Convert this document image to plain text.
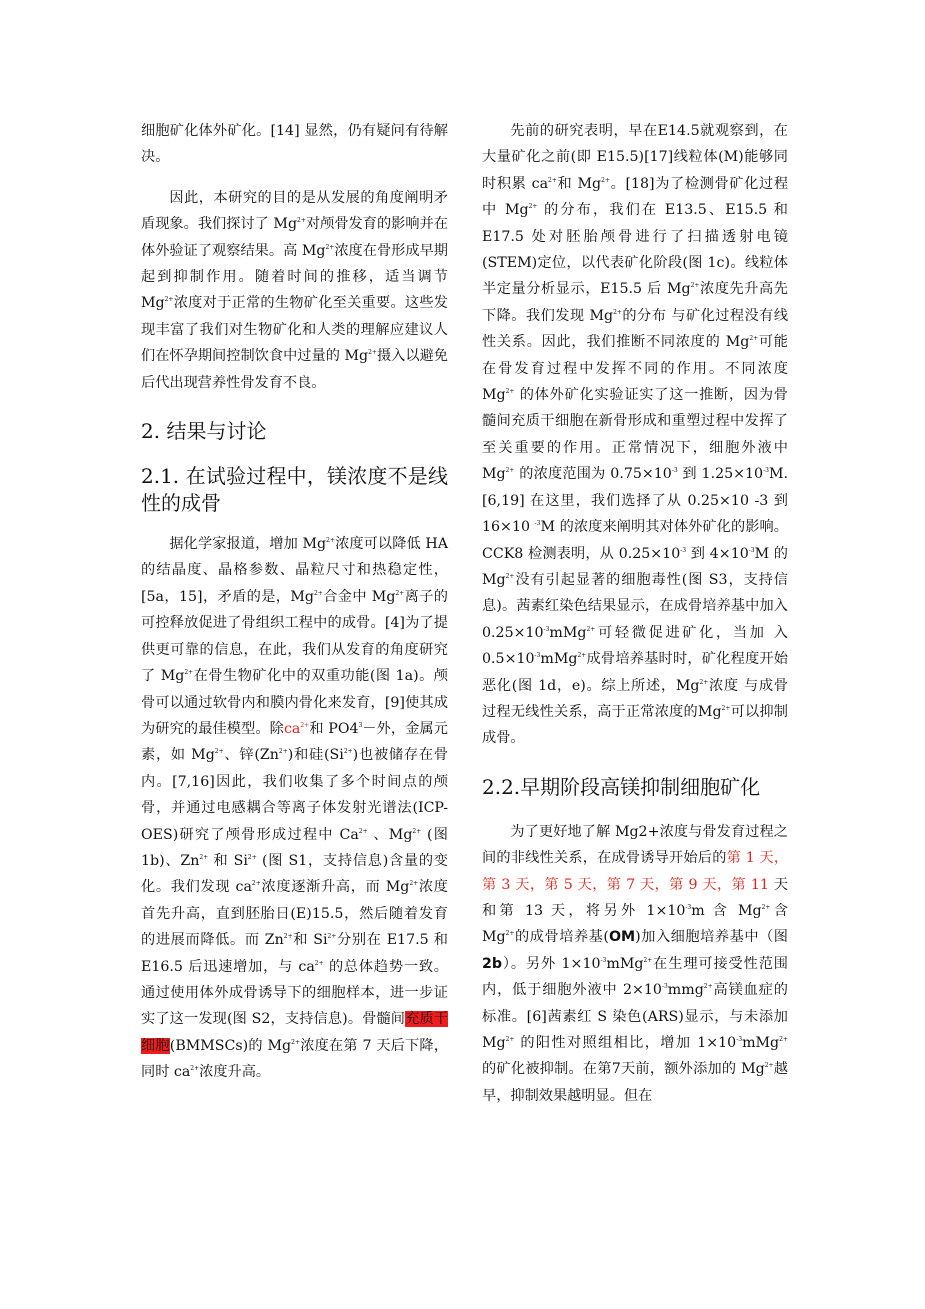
细胞矿化体外矿化。[14] 显然，仍有疑问有待解决。

因此，本研究的目的是从发展的角度阐明矛盾现象。我们探讨了 $Mg^{2+}$对颅骨发育的影响并在体外验证了观察结果。高 $Mg^{2+}$浓度在骨形成早期起到抑制作用。随着时间的推移，适当调节 $Mg^{2+}$浓度对于正常的生物矿化至关重要。这些发现丰富了我们对生物矿化和人类的理解应建议人们在怀孕期间控制饮食中过量的 $Mg^{2+}$摄入以避免后代出现营养性骨发育不良。

2. 结果与讨论
2.1. 在试验过程中，镁浓度不是线性的成骨

据化学家报道，增加 $Mg^{2+}$浓度可以降低 HA 的结晶度、晶格参数、晶粒尺寸和热稳定性，[5a，15]，矛盾的是，$Mg^{2+}$合金中 $Mg^{2+}$离子的可控释放促进了骨组织工程中的成骨。[4]为了提供更可靠的信息，在此，我们从发育的角度研究了 $Mg^{2+}$在骨生物矿化中的双重功能(图 1a)。颅骨可以通过软骨内和膜内骨化来发育，[9]使其成为研究的最佳模型。除$ca^{2+}$和 $PO4^3-$外，金属元素，如 $Mg^{2+}$、锌$(Zn^{2+})$和硅$(Si^{2+})$也被储存在骨内。[7,16]因此，我们收集了多个时间点的颅骨，并通过电感耦合等离子体发射光谱法(ICP-OES)研究了颅骨形成过程中 $Ca^{2+}$ 、$Mg^{2+}$ (图 1b)、$Zn^{2+}$ 和 $Si^{2+}$ (图 S1，支持信息)含量的变化。我们发现 $ca^{2+}$浓度逐渐升高，而 $Mg^{2+}$浓度首先升高，直到胚胎日(E)15.5，然后随着发育的进展而降低。而 $Zn^{2+}$和 $Si^{2+}$分别在 E17.5 和 E16.5 后迅速增加，与 $ca^{2+}$ 的总体趋势一致。通过使用体外成骨诱导下的细胞样本，进一步证实了这一发现(图 S2，支持信息)。骨髓间充质干细胞(BMMSCs)的 $Mg^{2+}$浓度在第 7 天后下降，同时 $ca^{2+}$浓度升高。

先前的研究表明，早在E14.5就观察到，在大量矿化之前(即 E15.5)[17]线粒体(M)能够同时积累 $ca^{2+}$和 $Mg^{2+}$。[18]为了检测骨矿化过程中 $Mg^{2+}$ 的分布，我们在 E13.5、E15.5 和 E17.5 处对胚胎颅骨进行了扫描透射电镜(STEM)定位，以代表矿化阶段(图 1c)。线粒体半定量分析显示，E15.5 后 $Mg^{2+}$浓度先升高先下降。我们发现 $Mg^{2+}$的分布 与矿化过程没有线性关系。因此，我们推断不同浓度的 $Mg^{2+}$可能在骨发育过程中发挥不同的作用。不同浓度 $Mg^{2+}$ 的体外矿化实验证实了这一推断，因为骨髓间充质干细胞在新骨形成和重塑过程中发挥了至关重要的作用。正常情况下，细胞外液中 $Mg^{2+}$ 的浓度范围为 $0.75\times 10^{-3}$ 到 $1.25\times 10^{-3}M.[6,19]$ 在这里，我们选择了从 0.25×10 -3 到 16×10 $^{-3}$M 的浓度来阐明其对体外矿化的影响。CCK8 检测表明，从 $0.25\times 10^{-3}$ 到 $4\times 10^{-3}M$ 的 $Mg^{2+}$没有引起显著的细胞毒性(图 S3，支持信息)。茜素红染色结果显示，在成骨培养基中加入 $0.25\times 10^{-3}mMg^{2+}$可轻微促进矿化，当加 入 $0.5\times 10^{-3}mMg^{2+}$成骨培养基时时，矿化程度开始恶化(图 1d，e)。综上所述，$Mg^{2+}$浓度 与成骨过程无线性关系，高于正常浓度的$Mg^{2+}$可以抑制成骨。

2.2.早期阶段高镁抑制细胞矿化

为了更好地了解 Mg2+浓度与骨发育过程之间的非线性关系，在成骨诱导开始后的第 1 天，第 3 天，第 5 天，第 7 天，第 9 天，第 11 天和第 13 天，将另外 $1\times 10^{-3}m$ 含 $Mg^{2+}$含 $Mg^{2+}$的成骨培养基(OM)加入细胞培养基中（图 2b）。另外 $1\times 10^{-3}mMg^{2+}$在生理可接受性范围内，低于细胞外液中 $2\times 10^{-3}mmg^{2+}$高镁血症的标准。[6]茜素红 S 染色(ARS)显示，与未添加 $Mg^{2+}$ 的阳性对照组相比，增加 $1\times 10^{-3}mMg^{2+}$ 的矿化被抑制。在第7天前，额外添加的 $Mg^{2+}$越早，抑制效果越明显。但在
